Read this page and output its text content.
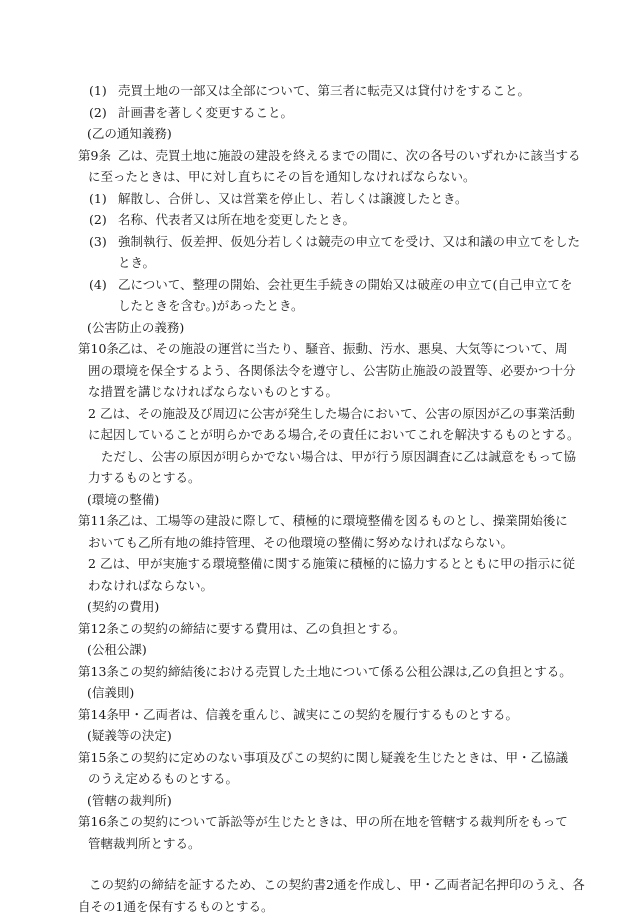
(1) 売買土地の一部又は全部について、第三者に転売又は貸付けをすること。
(2) 計画書を著しく変更すること。
(乙の通知義務)
第9条 乙は、売買土地に施設の建設を終えるまでの間に、次の各号のいずれかに該当する
に至ったときは、甲に対し直ちにその旨を通知しなければならない。
(1) 解散し、合併し、又は営業を停止し、若しくは譲渡したとき。
(2) 名称、代表者又は所在地を変更したとき。
(3) 強制執行、仮差押、仮処分若しくは競売の申立てを受け、又は和議の申立てをした
とき。
(4) 乙について、整理の開始、会社更生手続きの開始又は破産の申立て(自己申立てを
したときを含む。)があったとき。
(公害防止の義務)
第10条乙は、その施設の運営に当たり、騒音、振動、汚水、悪臭、大気等について、周
囲の環境を保全するよう、各関係法令を遵守し、公害防止施設の設置等、必要かつ十分
な措置を講じなければならないものとする。
2 乙は、その施設及び周辺に公害が発生した場合において、公害の原因が乙の事業活動
に起因していることが明らかである場合,その責任においてこれを解決するものとする。
ただし、公害の原因が明らかでない場合は、甲が行う原因調査に乙は誠意をもって協
力するものとする。
(環境の整備)
第11条乙は、工場等の建設に際して、積極的に環境整備を図るものとし、操業開始後に
おいても乙所有地の維持管理、その他環境の整備に努めなければならない。
2 乙は、甲が実施する環境整備に関する施策に積極的に協力するとともに甲の指示に従
わなければならない。
(契約の費用)
第12条この契約の締結に要する費用は、乙の負担とする。
(公租公課)
第13条この契約締結後における売買した土地について係る公租公課は,乙の負担とする。
(信義則)
第14条甲・乙両者は、信義を重んじ、誠実にこの契約を履行するものとする。
(疑義等の決定)
第15条この契約に定めのない事項及びこの契約に関し疑義を生じたときは、甲・乙協議
のうえ定めるものとする。
(管轄の裁判所)
第16条この契約について訴訟等が生じたときは、甲の所在地を管轄する裁判所をもって
管轄裁判所とする。
この契約の締結を証するため、この契約書2通を作成し、甲・乙両者記名押印のうえ、各
自その1通を保有するものとする。
